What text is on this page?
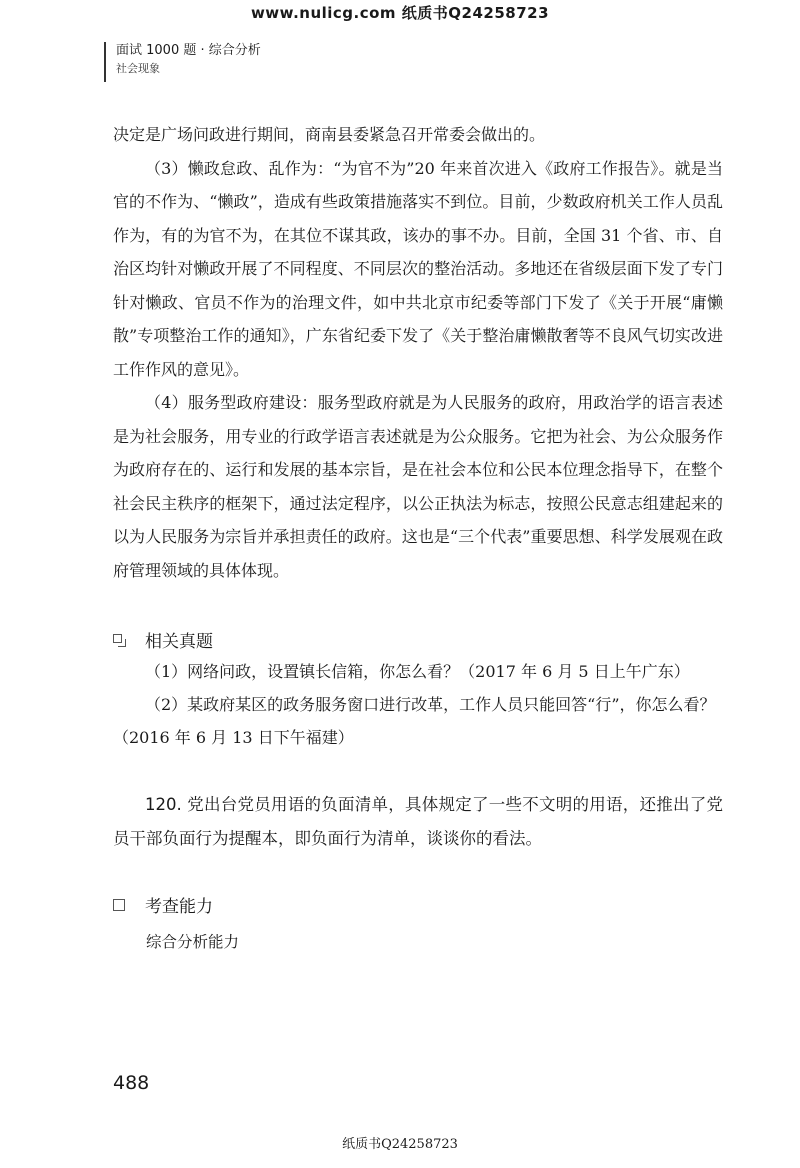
www.nulicg.com 纸质书Q24258723
面试 1000 题 · 综合分析
社会现象

决定是广场问政进行期间，商南县委紧急召开常委会做出的。

（3）懒政怠政、乱作为：“为官不为”20 年来首次进入《政府工作报告》。就是当官的不作为、“懒政”，造成有些政策措施落实不到位。目前，少数政府机关工作人员乱作为，有的为官不为，在其位不谋其政，该办的事不办。目前，全国 31 个省、市、自治区均针对懒政开展了不同程度、不同层次的整治活动。多地还在省级层面下发了专门针对懒政、官员不作为的治理文件，如中共北京市纪委等部门下发了《关于开展“庸懒散”专项整治工作的通知》，广东省纪委下发了《关于整治庸懒散奢等不良风气切实改进工作作风的意见》。

（4）服务型政府建设：服务型政府就是为人民服务的政府，用政治学的语言表述是为社会服务，用专业的行政学语言表述就是为公众服务。它把为社会、为公众服务作为政府存在的、运行和发展的基本宗旨，是在社会本位和公民本位理念指导下，在整个社会民主秩序的框架下，通过法定程序，以公正执法为标志，按照公民意志组建起来的以为人民服务为宗旨并承担责任的政府。这也是“三个代表”重要思想、科学发展观在政府管理领域的具体体现。

相关真题
（1）网络问政，设置镇长信箱，你怎么看？（2017 年 6 月 5 日上午广东）
（2）某政府某区的政务服务窗口进行改革，工作人员只能回答“行”，你怎么看？（2016 年 6 月 13 日下午福建）
120. 党出台党员用语的负面清单，具体规定了一些不文明的用语，还推出了党员干部负面行为提醒本，即负面行为清单，谈谈你的看法。
考查能力
综合分析能力
488
纸质书Q24258723
